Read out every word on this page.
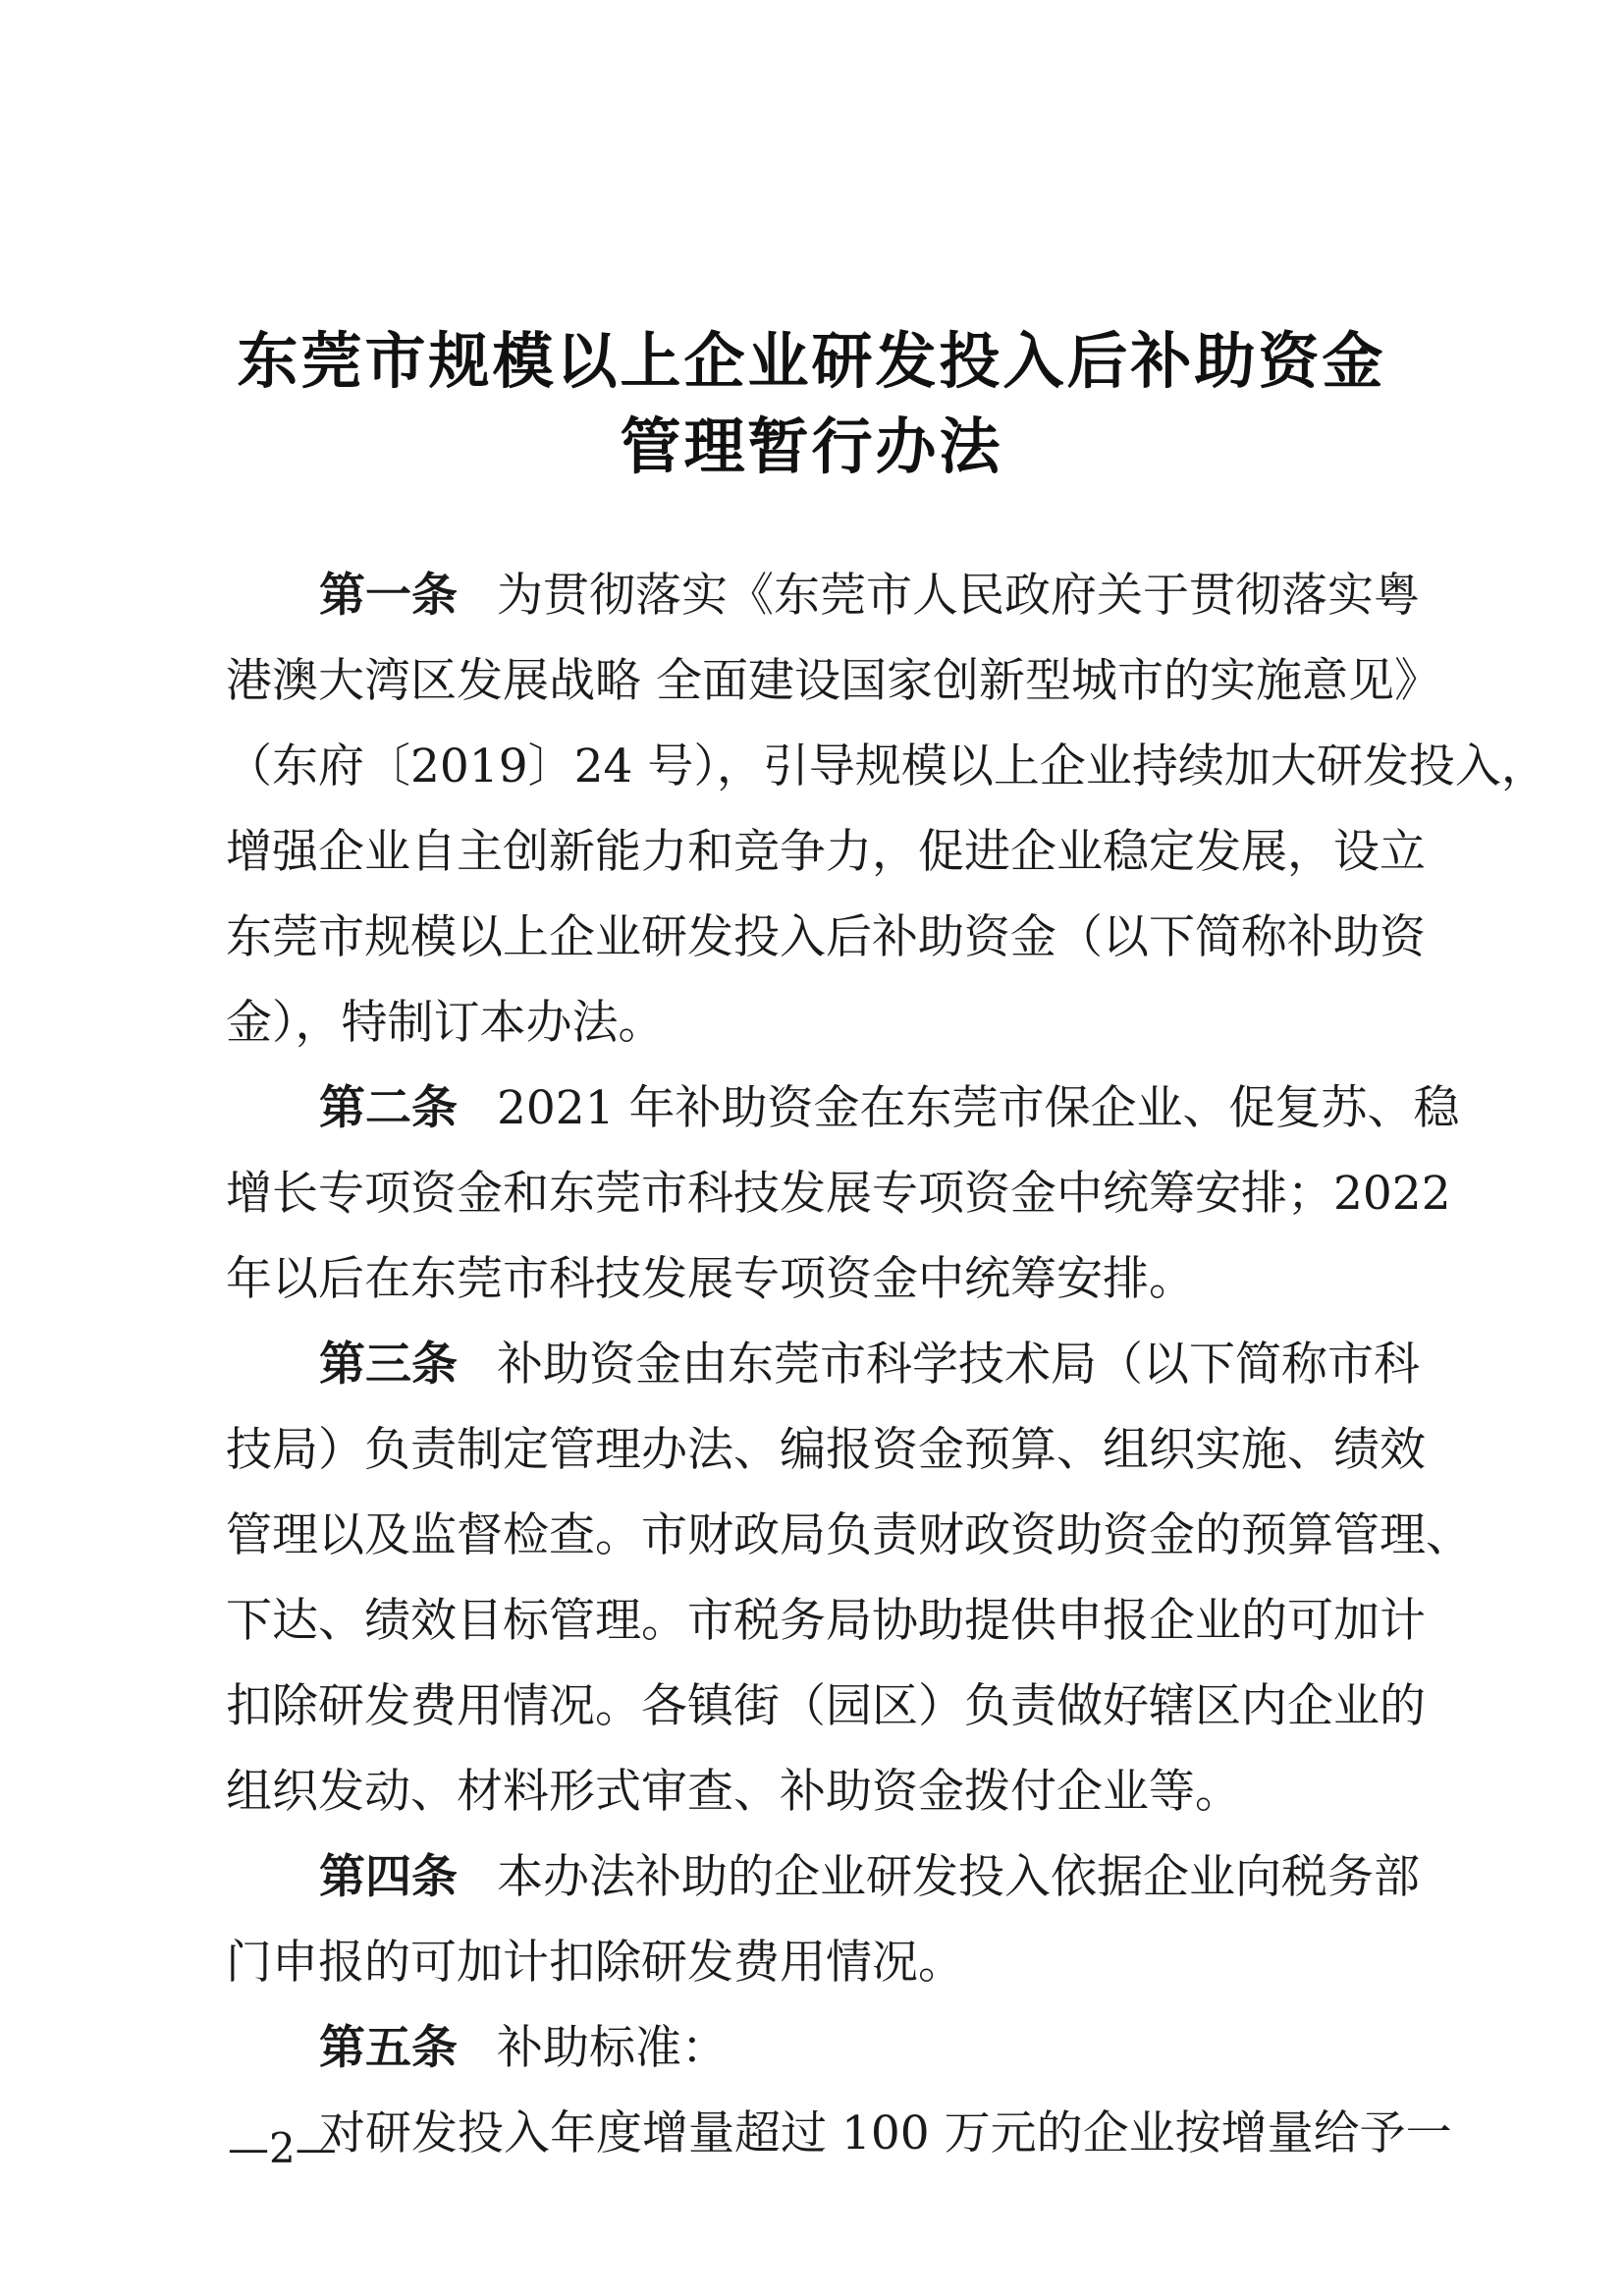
东莞市规模以上企业研发投入后补助资金
管理暂行办法
第一条 为贯彻落实《东莞市人民政府关于贯彻落实粤
港澳大湾区发展战略 全面建设国家创新型城市的实施意见》
（东府〔2019〕24 号），引导规模以上企业持续加大研发投入，
增强企业自主创新能力和竞争力，促进企业稳定发展，设立
东莞市规模以上企业研发投入后补助资金（以下简称补助资
金），特制订本办法。
第二条 2021 年补助资金在东莞市保企业、促复苏、稳
增长专项资金和东莞市科技发展专项资金中统筹安排；2022
年以后在东莞市科技发展专项资金中统筹安排。
第三条 补助资金由东莞市科学技术局（以下简称市科
技局）负责制定管理办法、编报资金预算、组织实施、绩效
管理以及监督检查。市财政局负责财政资助资金的预算管理、
下达、绩效目标管理。市税务局协助提供申报企业的可加计
扣除研发费用情况。各镇街（园区）负责做好辖区内企业的
组织发动、材料形式审查、补助资金拨付企业等。
第四条 本办法补助的企业研发投入依据企业向税务部
门申报的可加计扣除研发费用情况。
第五条 补助标准：
对研发投入年度增量超过 100 万元的企业按增量给予一
—2—
